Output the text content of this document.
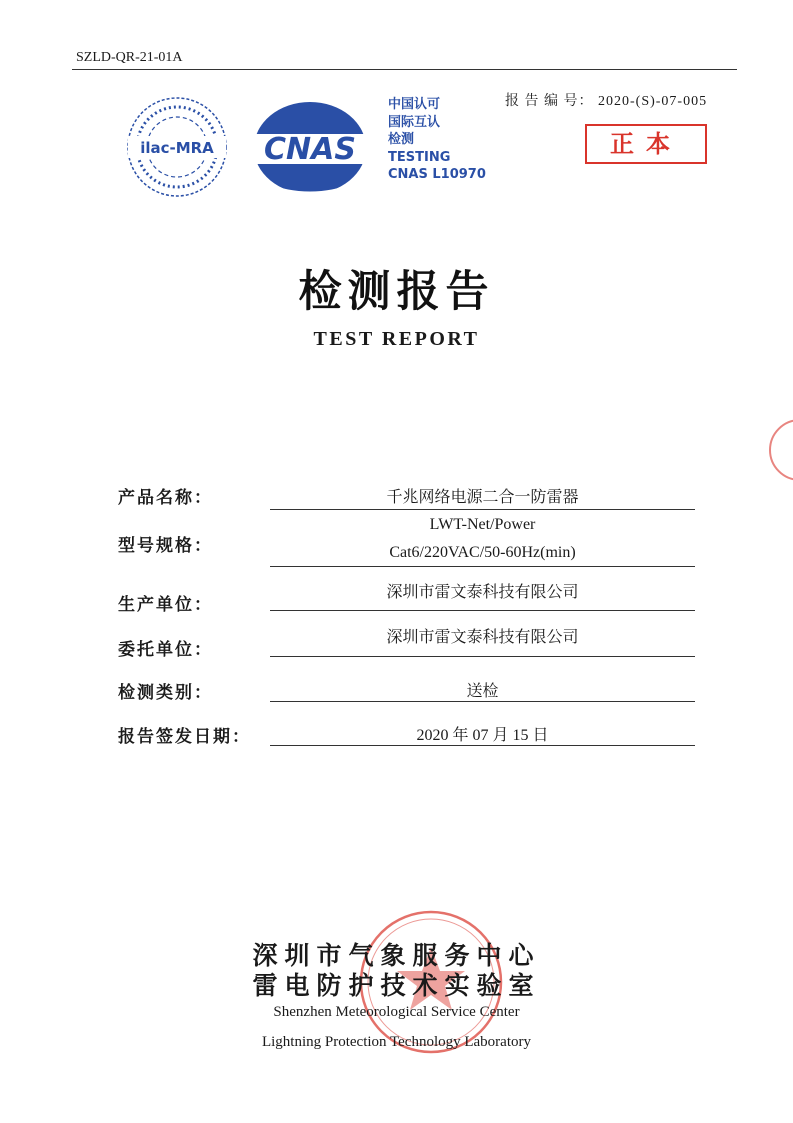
SZLD-QR-21-01A
报 告 编 号： 2020-(S)-07-005
正本
ilac-MRA CNAS
中国认可
国际互认
检测
TESTING
CNAS L10970
检测报告
TEST REPORT
产品名称：	千兆网络电源二合一防雷器
型号规格：
LWT-Net/Power
Cat6/220VAC/50-60Hz(min)
生产单位：
深圳市雷文泰科技有限公司
委托单位：
深圳市雷文泰科技有限公司
检测类别：	送检
报告签发日期：	2020 年 07 月 15 日
深圳市气象服务中心
雷电防护技术实验室
Shenzhen Meteorological Service Center
Lightning Protection Technology Laboratory
